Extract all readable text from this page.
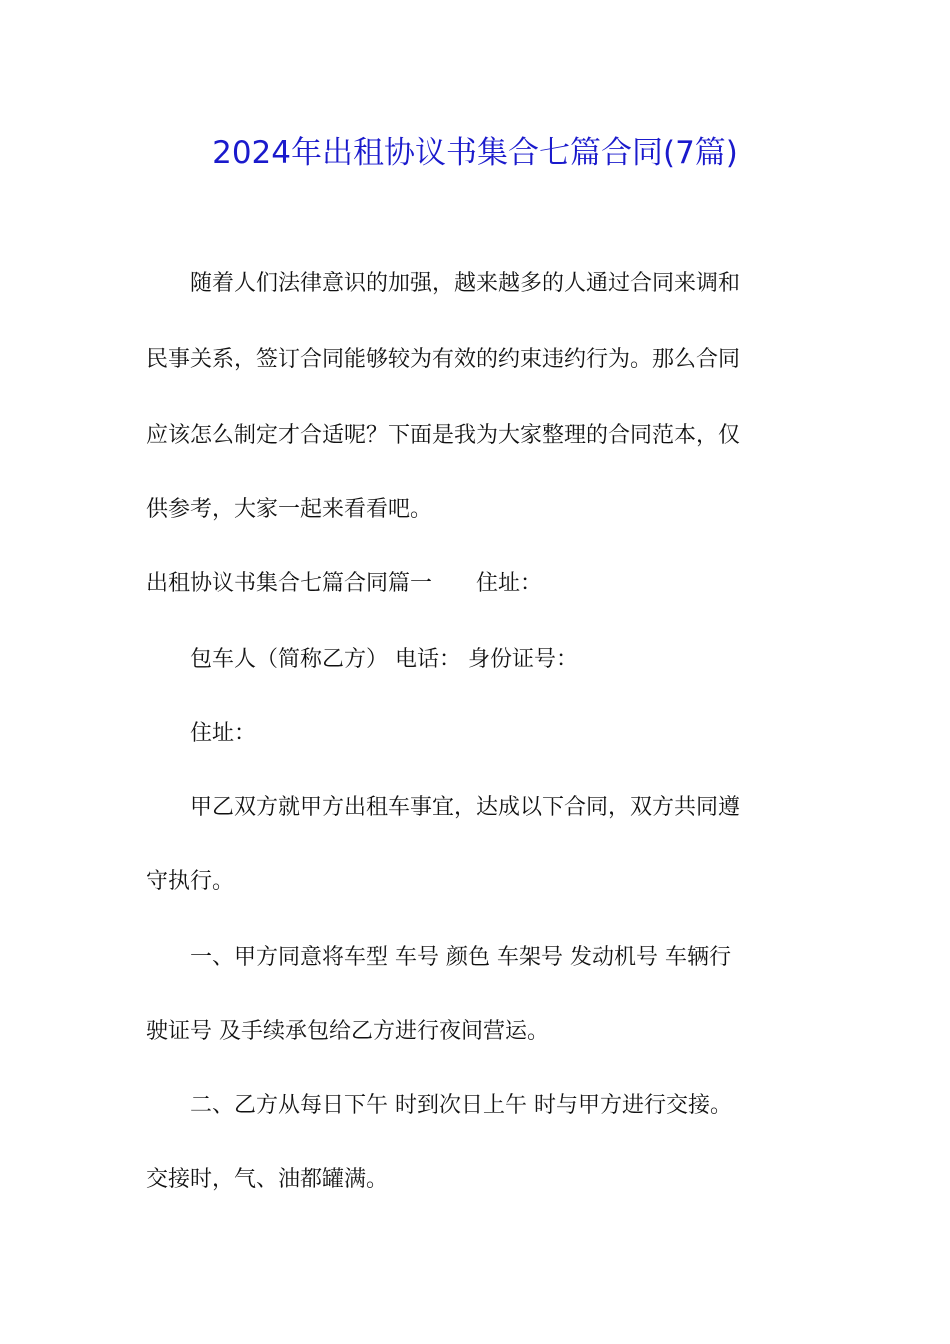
2024年出租协议书集合七篇合同(7篇)
　　随着人们法律意识的加强，越来越多的人通过合同来调和
民事关系，签订合同能够较为有效的约束违约行为。那么合同
应该怎么制定才合适呢？下面是我为大家整理的合同范本，仅
供参考，大家一起来看看吧。
出租协议书集合七篇合同篇一　　住址：
　　包车人（简称乙方） 电话： 身份证号：
　　住址：
　　甲乙双方就甲方出租车事宜，达成以下合同，双方共同遵
守执行。
　　一、甲方同意将车型 车号 颜色 车架号 发动机号 车辆行
驶证号 及手续承包给乙方进行夜间营运。
　　二、乙方从每日下午 时到次日上午 时与甲方进行交接。
交接时，气、油都罐满。
